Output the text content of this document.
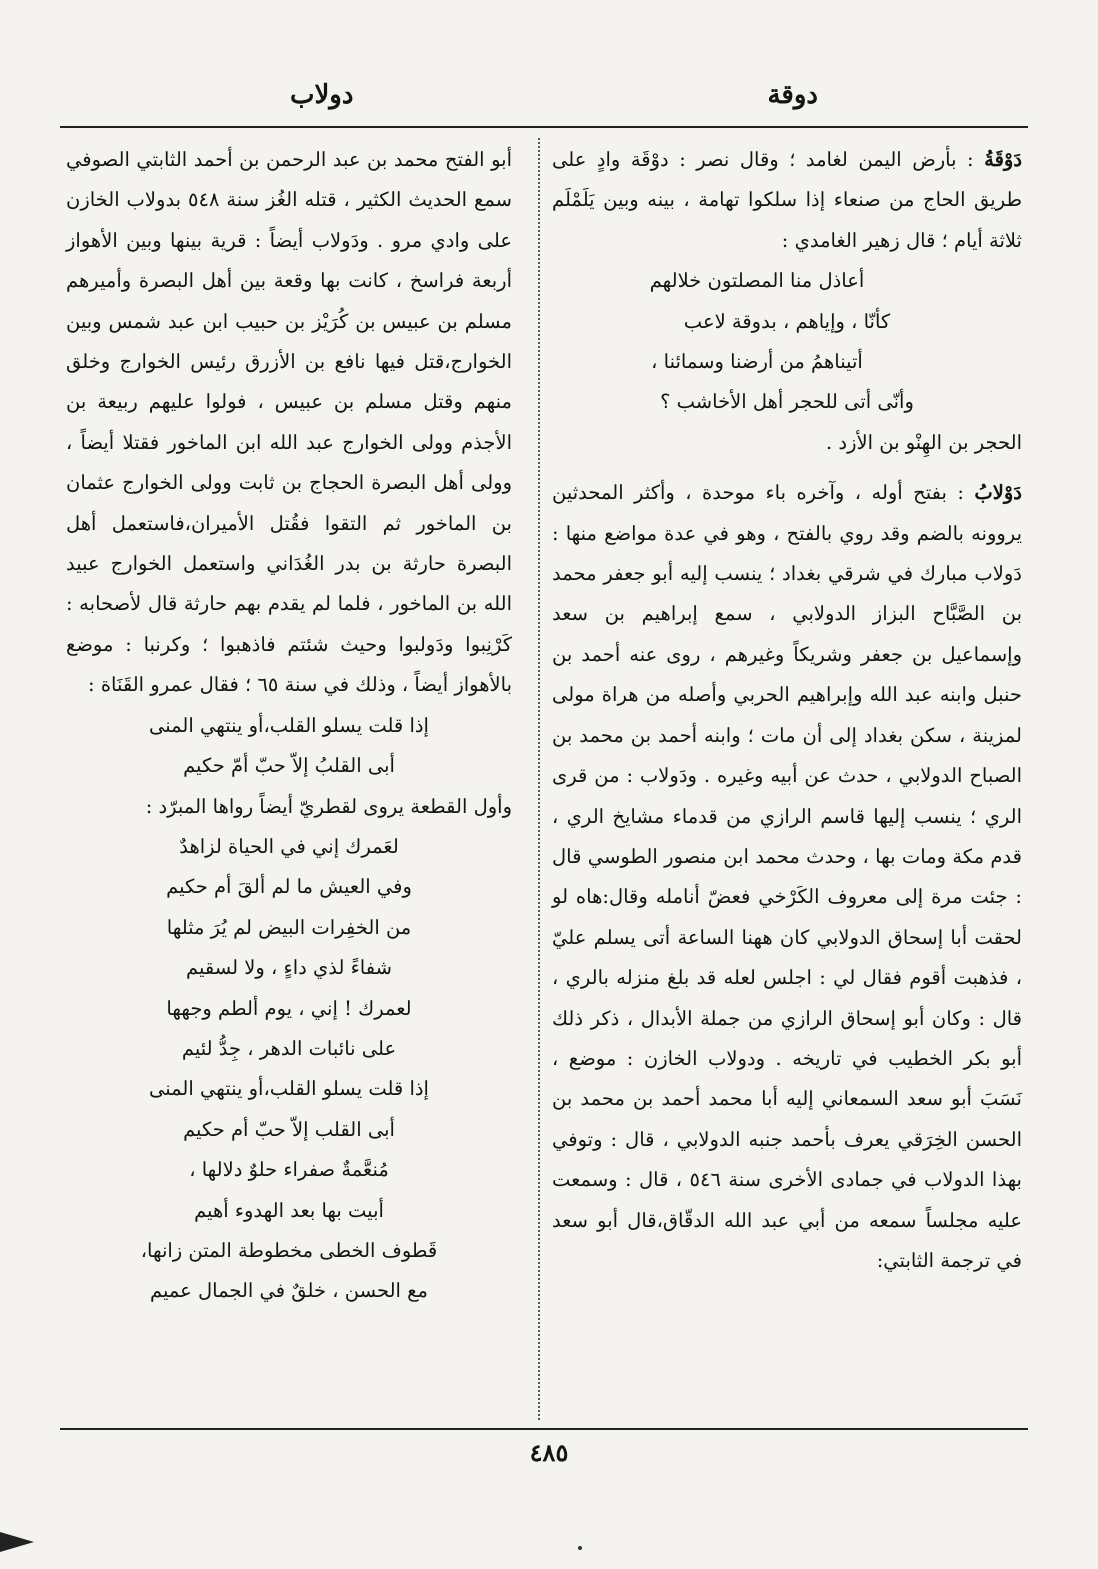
دوقة
دولاب

دَوْقَةُ : بأرض اليمن لغامد ؛ وقال نصر : دوْقَة وادٍ على طريق الحاج من صنعاء إذا سلكوا تهامة ، بينه وبين يَلَمْلَم ثلاثة أيام ؛ قال زهير الغامدي :

أعاذل منا المصلتون خلالهم

كأنّا ، وإياهم ، بدوقة لاعب

أتيناهمُ من أرضنا وسمائنا ،

وأنّى أتى للحجر أهل الأخاشب ؟

الحجر بن الهِنْو بن الأزد .

دَوْلابُ : بفتح أوله ، وآخره باء موحدة ، وأكثر المحدثين يروونه بالضم وقد روي بالفتح ، وهو في عدة مواضع منها : دَولاب مبارك في شرقي بغداد ؛ ينسب إليه أبو جعفر محمد بن الصَّبَّاح البزاز الدولابي ، سمع إبراهيم بن سعد وإسماعيل بن جعفر وشريكاً وغيرهم ، روى عنه أحمد بن حنبل وابنه عبد الله وإبراهيم الحربي وأصله من هراة مولى لمزينة ، سكن بغداد إلى أن مات ؛ وابنه أحمد بن محمد بن الصباح الدولابي ، حدث عن أبيه وغيره . ودَولاب : من قرى الري ؛ ينسب إليها قاسم الرازي من قدماء مشايخ الري ، قدم مكة ومات بها ، وحدث محمد ابن منصور الطوسي قال : جئت مرة إلى معروف الكَرْخي فعضّ أنامله وقال:هاه لو لحقت أبا إسحاق الدولابي كان ههنا الساعة أتى يسلم عليّ ، فذهبت أقوم فقال لي : اجلس لعله قد بلغ منزله بالري ، قال : وكان أبو إسحاق الرازي من جملة الأبدال ، ذكر ذلك أبو بكر الخطيب في تاريخه . ودولاب الخازن : موضع ، نَسَبَ أبو سعد السمعاني إليه أبا محمد أحمد بن محمد بن الحسن الخِرَقي يعرف بأحمد جنبه الدولابي ، قال : وتوفي بهذا الدولاب في جمادى الأخرى سنة ٥٤٦ ، قال : وسمعت عليه مجلساً سمعه من أبي عبد الله الدقّاق،قال أبو سعد في ترجمة الثابتي:

أبو الفتح محمد بن عبد الرحمن بن أحمد الثابتي الصوفي سمع الحديث الكثير ، قتله الغُز سنة ٥٤٨ بدولاب الخازن على وادي مرو . ودَولاب أيضاً : قرية بينها وبين الأهواز أربعة فراسخ ، كانت بها وقعة بين أهل البصرة وأميرهم مسلم بن عبيس بن كُرَيْز بن حبيب ابن عبد شمس وبين الخوارج،قتل فيها نافع بن الأزرق رئيس الخوارج وخلق منهم وقتل مسلم بن عبيس ، فولوا عليهم ربيعة بن الأجذم وولى الخوارج عبد الله ابن الماخور فقتلا أيضاً ، وولى أهل البصرة الحجاج بن ثابت وولى الخوارج عثمان بن الماخور ثم التقوا فقُتل الأميران،فاستعمل أهل البصرة حارثة بن بدر الغُدَاني واستعمل الخوارج عبيد الله بن الماخور ، فلما لم يقدم بهم حارثة قال لأصحابه : كَرْنِبوا ودَولبوا وحيث شئتم فاذهبوا ؛ وكرنبا : موضع بالأهواز أيضاً ، وذلك في سنة ٦٥ ؛ فقال عمرو القَنَاة :

إذا قلت يسلو القلب،أو ينتهي المنى

أبى القلبُ إلاّ حبّ أمّ حكيم

وأول القطعة يروى لقطريّ أيضاً رواها المبرّد :

لعَمرك إني في الحياة لزاهدٌ

وفي العيش ما لم ألقَ أم حكيم

من الخفِرات البيض لم يُرَ مثلها

شفاءً لذي داءٍ ، ولا لسقيم

لعمرك ! إني ، يوم ألطم وجهها

على نائبات الدهر ، جِدُّ لئيم

إذا قلت يسلو القلب،أو ينتهي المنى

أبى القلب إلاّ حبّ أم حكيم

مُنعَّمةٌ صفراء حلوٌ دلالها ،

أبيت بها بعد الهدوء أهيم

قَطوف الخطى مخطوطة المتن زانها،

مع الحسن ، خلقٌ في الجمال عميم

٤٨٥
